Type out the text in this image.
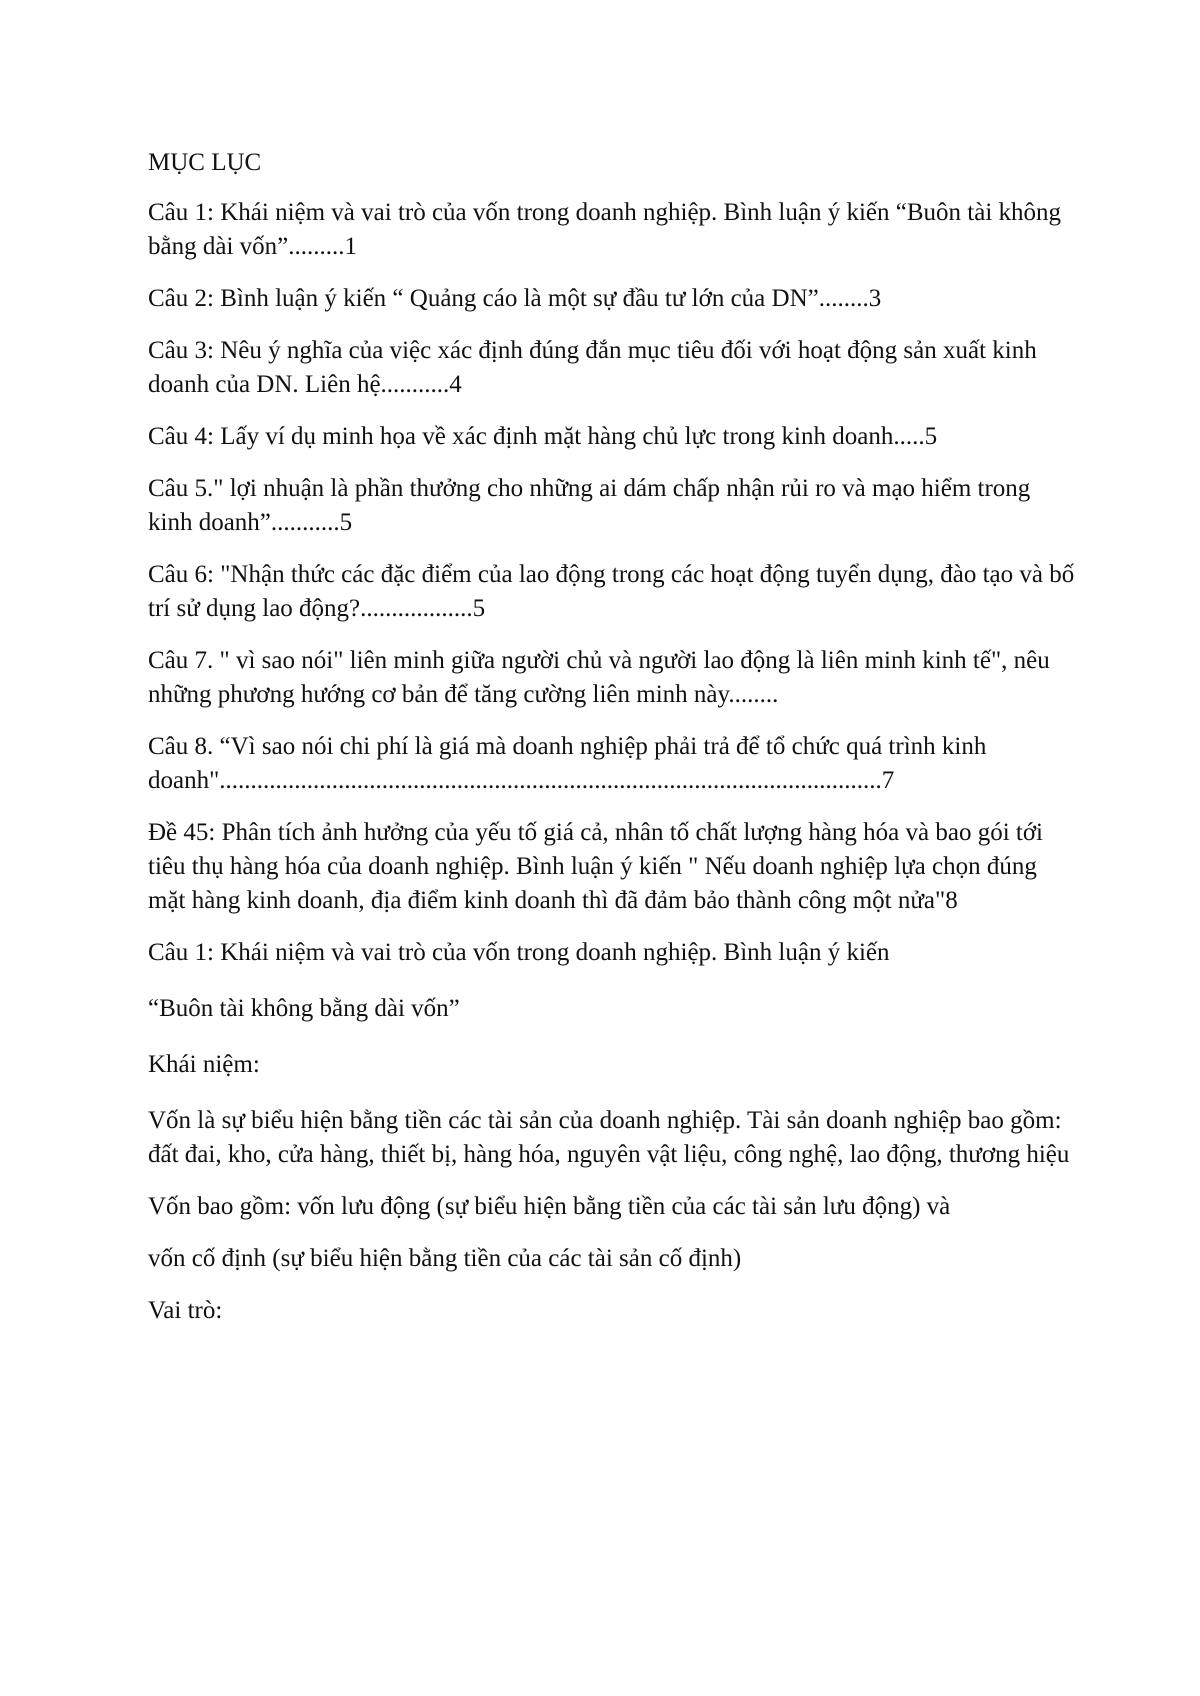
MỤC LỤC

Câu 1: Khái niệm và vai trò của vốn trong doanh nghiệp. Bình luận ý kiến “Buôn tài không bằng dài vốn”.........1

Câu 2: Bình luận ý kiến “ Quảng cáo là một sự đầu tư lớn của DN”........3

Câu 3: Nêu ý nghĩa của việc xác định đúng đắn mục tiêu đối với hoạt động sản xuất kinh doanh của DN. Liên hệ...........4

Câu 4: Lấy ví dụ minh họa về xác định mặt hàng chủ lực trong kinh doanh.....5

Câu 5." lợi nhuận là phần thưởng cho những ai dám chấp nhận rủi ro và mạo hiểm trong kinh doanh”...........5

Câu 6: "Nhận thức các đặc điểm của lao động trong các hoạt động tuyển dụng, đào tạo và bố trí sử dụng lao động?..................5

Câu 7. " vì sao nói" liên minh giữa người chủ và người lao động là liên minh kinh tế", nêu những phương hướng cơ bản để tăng cường liên minh này........

Câu 8. “Vì sao nói chi phí là giá mà doanh nghiệp phải trả để tổ chức quá trình kinh doanh"..........................................................................................................7

Đề 45: Phân tích ảnh hưởng của yếu tố giá cả, nhân tố chất lượng hàng hóa và bao gói tới tiêu thụ hàng hóa của doanh nghiệp. Bình luận ý kiến " Nếu doanh nghiệp lựa chọn đúng mặt hàng kinh doanh, địa điểm kinh doanh thì đã đảm bảo thành công một nửa"8

Câu 1: Khái niệm và vai trò của vốn trong doanh nghiệp. Bình luận ý kiến

“Buôn tài không bằng dài vốn”

Khái niệm:

Vốn là sự biểu hiện bằng tiền các tài sản của doanh nghiệp. Tài sản doanh nghiệp bao gồm: đất đai, kho, cửa hàng, thiết bị, hàng hóa, nguyên vật liệu, công nghệ, lao động, thương hiệu

Vốn bao gồm: vốn lưu động (sự biểu hiện bằng tiền của các tài sản lưu động) và
vốn cố định (sự biểu hiện bằng tiền của các tài sản cố định)

Vai trò:
